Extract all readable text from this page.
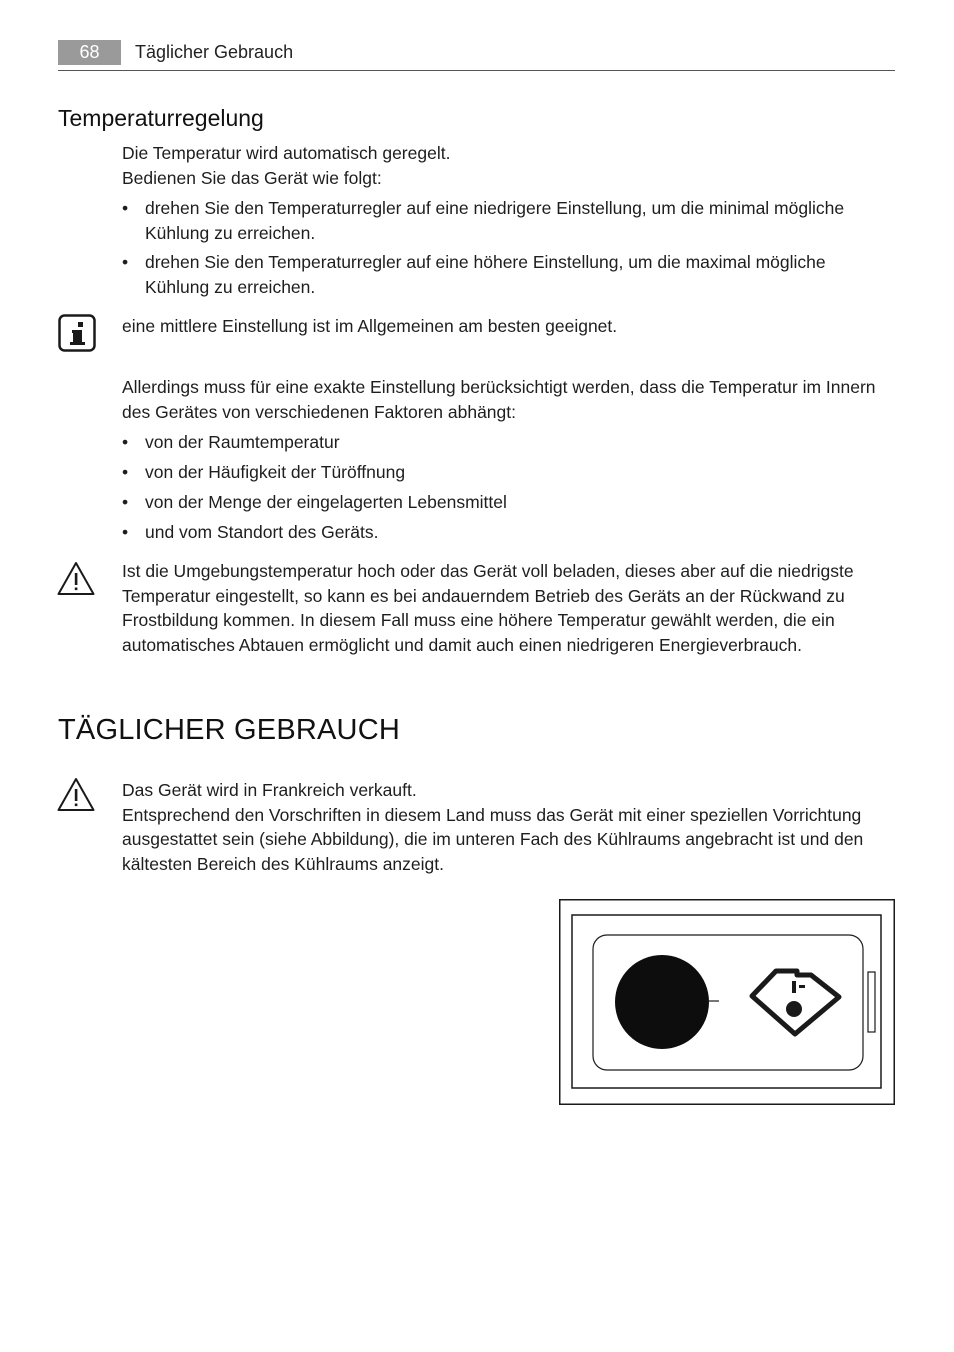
68	Täglicher Gebrauch
Temperaturregelung
Die Temperatur wird automatisch geregelt.
Bedienen Sie das Gerät wie folgt:
• drehen Sie den Temperaturregler auf eine niedrigere Einstellung, um die minimal mögliche Kühlung zu erreichen.
• drehen Sie den Temperaturregler auf eine höhere Einstellung, um die maximal mögliche Kühlung zu erreichen.
eine mittlere Einstellung ist im Allgemeinen am besten geeignet.
Allerdings muss für eine exakte Einstellung berücksichtigt werden, dass die Temperatur im Innern des Gerätes von verschiedenen Faktoren abhängt:
• von der Raumtemperatur
• von der Häufigkeit der Türöffnung
• von der Menge der eingelagerten Lebensmittel
• und vom Standort des Geräts.
Ist die Umgebungstemperatur hoch oder das Gerät voll beladen, dieses aber auf die niedrigste Temperatur eingestellt, so kann es bei andauerndem Betrieb des Geräts an der Rückwand zu Frostbildung kommen. In diesem Fall muss eine höhere Temperatur gewählt werden, die ein automatisches Abtauen ermöglicht und damit auch einen niedrigeren Energieverbrauch.
TÄGLICHER GEBRAUCH
Das Gerät wird in Frankreich verkauft.
Entsprechend den Vorschriften in diesem Land muss das Gerät mit einer speziellen Vorrichtung ausgestattet sein (siehe Abbildung), die im unteren Fach des Kühlraums angebracht ist und den kältesten Bereich des Kühlraums anzeigt.
